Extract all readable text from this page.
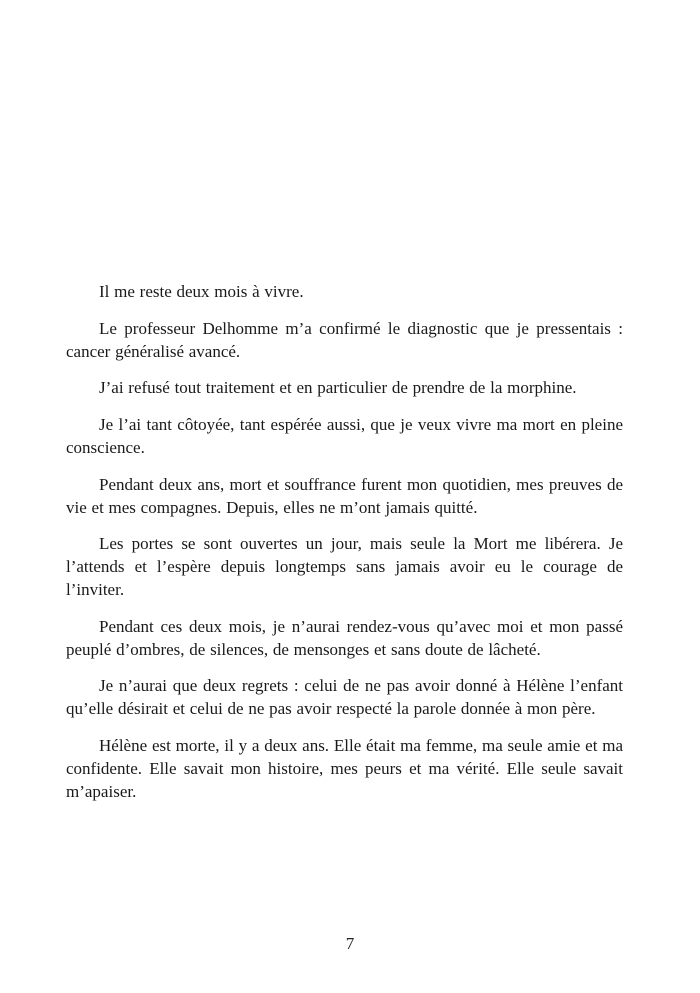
Il me reste deux mois à vivre.

Le professeur Delhomme m’a confirmé le diagnostic que je pressentais : cancer généralisé avancé.

J’ai refusé tout traitement et en particulier de prendre de la morphine.

Je l’ai tant côtoyée, tant espérée aussi, que je veux vivre ma mort en pleine conscience.

Pendant deux ans, mort et souffrance furent mon quotidien, mes preuves de vie et mes compagnes. Depuis, elles ne m’ont jamais quitté.

Les portes se sont ouvertes un jour, mais seule la Mort me libérera. Je l’attends et l’espère depuis longtemps sans jamais avoir eu le courage de l’inviter.

Pendant ces deux mois, je n’aurai rendez-vous qu’avec moi et mon passé peuplé d’ombres, de silences, de mensonges et sans doute de lâcheté.

Je n’aurai que deux regrets : celui de ne pas avoir donné à Hélène l’enfant qu’elle désirait et celui de ne pas avoir respecté la parole donnée à mon père.

Hélène est morte, il y a deux ans. Elle était ma femme, ma seule amie et ma confidente. Elle savait mon histoire, mes peurs et ma vérité. Elle seule savait m’apaiser.

7
